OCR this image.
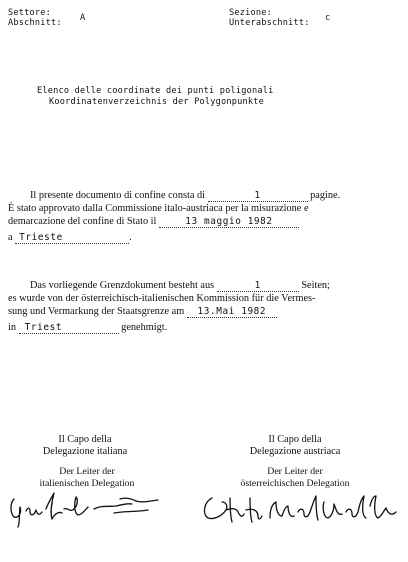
Settore:
Abschnitt: A	Sezione:
Unterabschnitt: c
Elenco delle coordinate dei punti poligonali
Koordinatenverzeichnis der Polygonpunkte
Il presente documento di confine consta di	1	pagine.
È stato approvato dalla Commissione italo-austriaca per la misurazione e
demarcazione del confine di Stato il	13 maggio 1982
a Trieste	.
Das vorliegende Grenzdokument besteht aus	1	Seiten;
es wurde von der österreichisch-italienischen Kommission für die Vermes-
sung und Vermarkung der Staatsgrenze am 13.Mai 1982
in Triest	genehmigt.
Il Capo della
Delegazione italiana
Der Leiter der
italienischen Delegation
Il Capo della
Delegazione austriaca
Der Leiter der
österreichischen Delegation
